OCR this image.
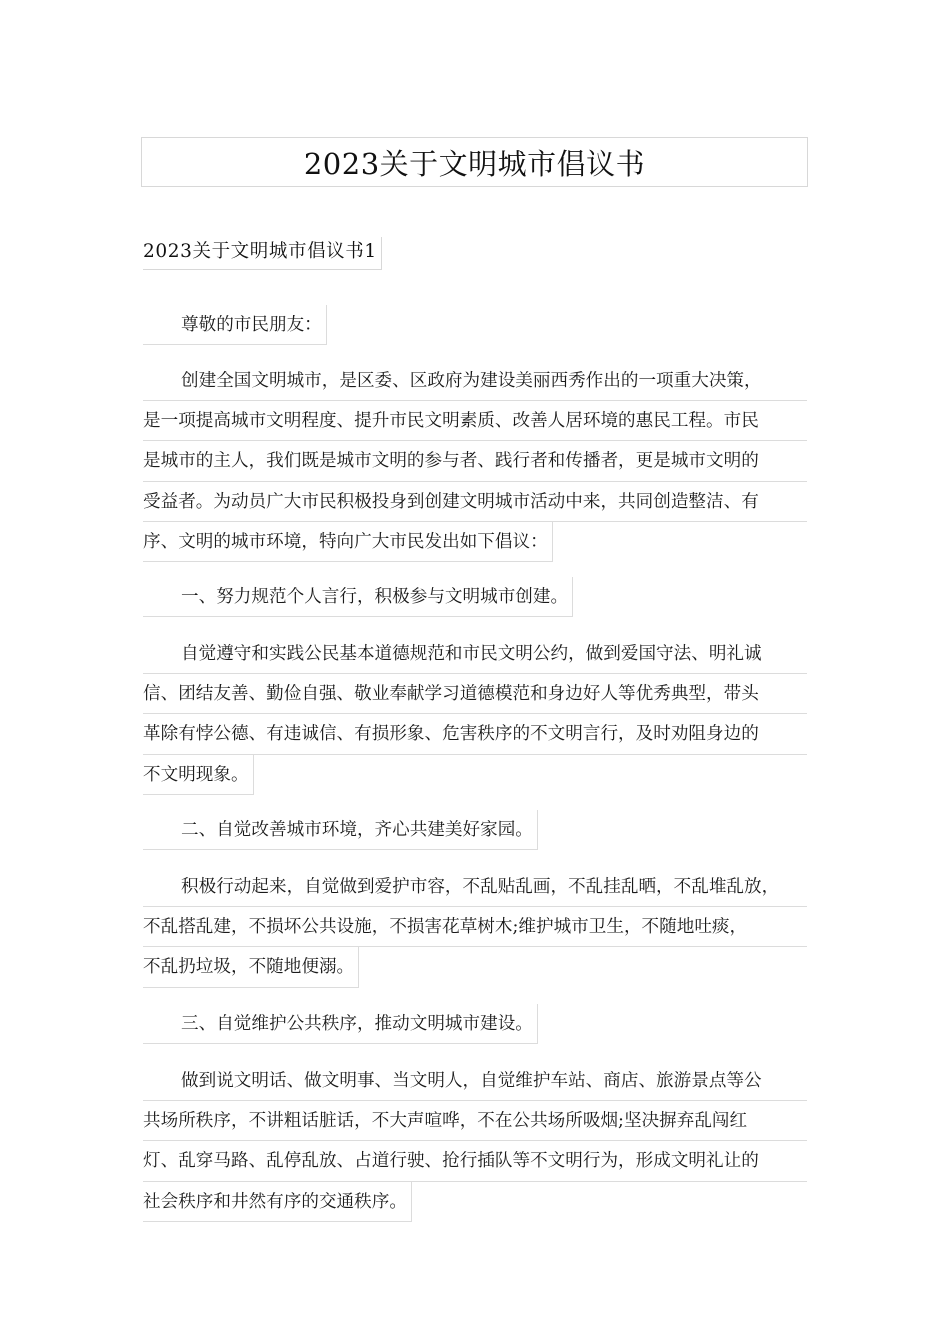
2023关于文明城市倡议书
2023关于文明城市倡议书1
尊敬的市民朋友：
创建全国文明城市，是区委、区政府为建设美丽西秀作出的一项重大决策，
是一项提高城市文明程度、提升市民文明素质、改善人居环境的惠民工程。市民
是城市的主人，我们既是城市文明的参与者、践行者和传播者，更是城市文明的
受益者。为动员广大市民积极投身到创建文明城市活动中来，共同创造整洁、有
序、文明的城市环境，特向广大市民发出如下倡议：
一、努力规范个人言行，积极参与文明城市创建。
自觉遵守和实践公民基本道德规范和市民文明公约，做到爱国守法、明礼诚
信、团结友善、勤俭自强、敬业奉献学习道德模范和身边好人等优秀典型，带头
革除有悖公德、有违诚信、有损形象、危害秩序的不文明言行，及时劝阻身边的
不文明现象。
二、自觉改善城市环境，齐心共建美好家园。
积极行动起来，自觉做到爱护市容，不乱贴乱画，不乱挂乱晒，不乱堆乱放，
不乱搭乱建，不损坏公共设施，不损害花草树木;维护城市卫生，不随地吐痰，
不乱扔垃圾，不随地便溺。
三、自觉维护公共秩序，推动文明城市建设。
做到说文明话、做文明事、当文明人，自觉维护车站、商店、旅游景点等公
共场所秩序，不讲粗话脏话，不大声喧哗，不在公共场所吸烟;坚决摒弃乱闯红
灯、乱穿马路、乱停乱放、占道行驶、抢行插队等不文明行为，形成文明礼让的
社会秩序和井然有序的交通秩序。
